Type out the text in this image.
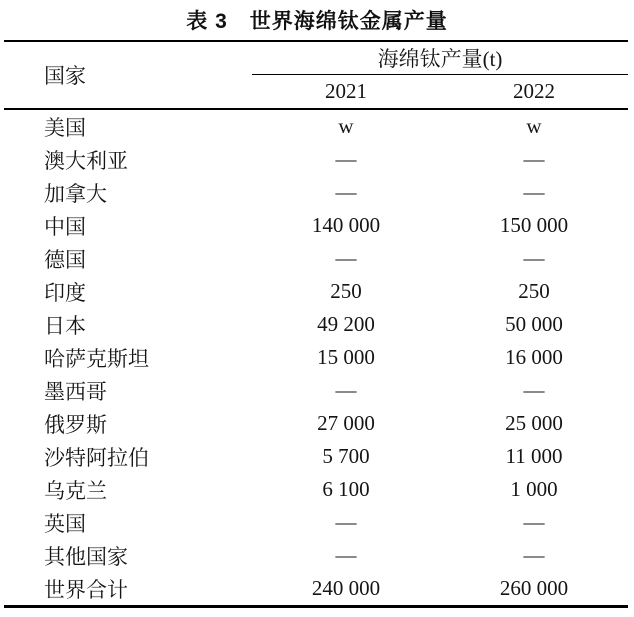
表 3　世界海绵钛金属产量
国家	海绵钛产量(t)	
	2021	2022
美国	w	w
澳大利亚	—	—
加拿大	—	—
中国	140 000	150 000
德国	—	—
印度	250	250
日本	49 200	50 000
哈萨克斯坦	15 000	16 000
墨西哥	—	—
俄罗斯	27 000	25 000
沙特阿拉伯	5 700	11 000
乌克兰	6 100	1 000
英国	—	—
其他国家	—	—
世界合计	240 000	260 000
